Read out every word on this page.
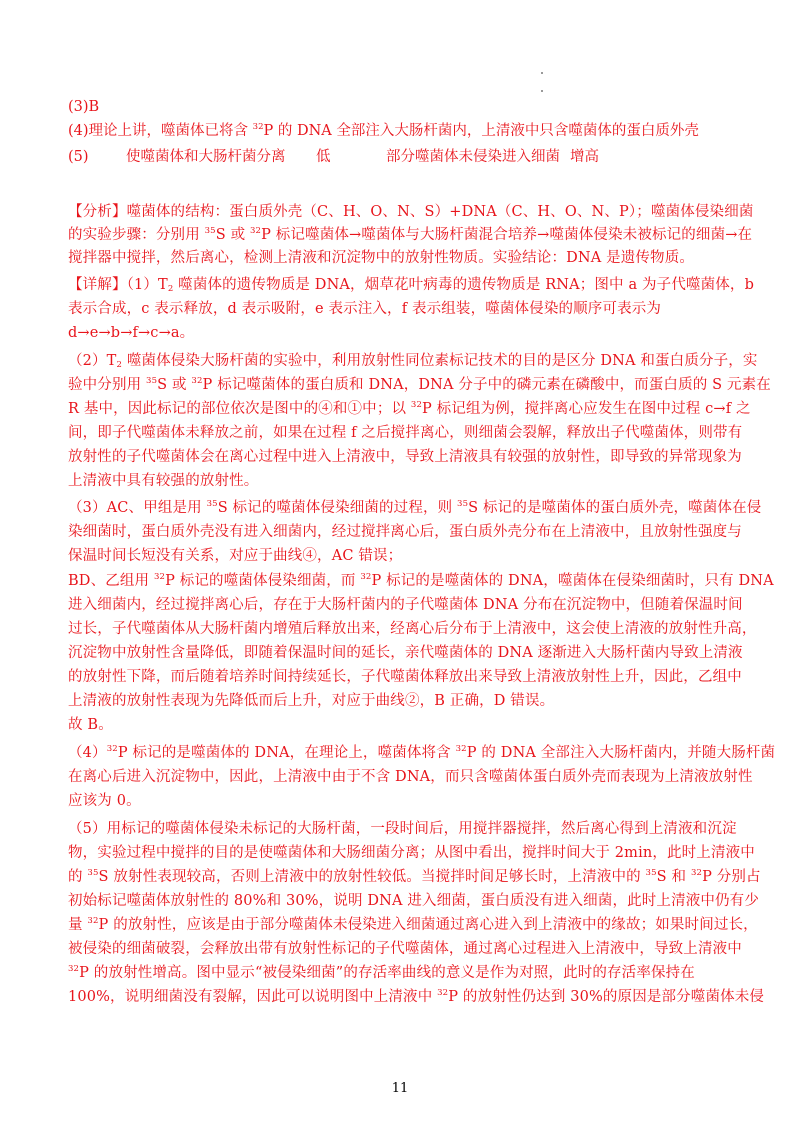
(3)B
(4)理论上讲，噬菌体已将含 $^{32}$P 的 DNA 全部注入大肠杆菌内，上清液中只含噬菌体的蛋白质外壳
(5)	使噬菌体和大肠杆菌分离 低	部分噬菌体未侵染进入细菌 增高
【分析】噬菌体的结构：蛋白质外壳（C、H、O、N、S）+DNA（C、H、O、N、P）；噬菌体侵染细菌
的实验步骤：分别用 $^{35}$S 或 $^{32}$P 标记噬菌体→噬菌体与大肠杆菌混合培养→噬菌体侵染未被标记的细菌→在
搅拌器中搅拌，然后离心，检测上清液和沉淀物中的放射性物质。实验结论：DNA 是遗传物质。
【详解】$(1)T_2$ 噬菌体的遗传物质是 DNA，烟草花叶病毒的遗传物质是 RNA；图中 a 为子代噬菌体，b
表示合成，c 表示释放，d 表示吸附，e 表示注入，f 表示组装，噬菌体侵染的顺序可表示为
d→e→b→f→c→a。
$(2)T_2$ 噬菌体侵染大肠杆菌的实验中，利用放射性同位素标记技术的目的是区分 DNA 和蛋白质分子，实
验中分别用 $^{35}$S 或 $^{32}$P 标记噬菌体的蛋白质和 DNA，DNA 分子中的磷元素在磷酸中，而蛋白质的 S 元素在
R 基中，因此标记的部位依次是图中的④和①中；以 $^{32}$P 标记组为例，搅拌离心应发生在图中过程 c→f 之
间，即子代噬菌体未释放之前，如果在过程 f 之后搅拌离心，则细菌会裂解，释放出子代噬菌体，则带有
放射性的子代噬菌体会在离心过程中进入上清液中，导致上清液具有较强的放射性，即导致的异常现象为
上清液中具有较强的放射性。
（3）AC、甲组是用 $^{35}$S 标记的噬菌体侵染细菌的过程，则 $^{35}$S 标记的是噬菌体的蛋白质外壳，噬菌体在侵
染细菌时，蛋白质外壳没有进入细菌内，经过搅拌离心后，蛋白质外壳分布在上清液中，且放射性强度与
保温时间长短没有关系，对应于曲线④，AC 错误；
BD、乙组用 $^{32}$P 标记的噬菌体侵染细菌，而 $^{32}$P 标记的是噬菌体的 DNA，噬菌体在侵染细菌时，只有 DNA
进入细菌内，经过搅拌离心后，存在于大肠杆菌内的子代噬菌体 DNA 分布在沉淀物中，但随着保温时间
过长，子代噬菌体从大肠杆菌内增殖后释放出来，经离心后分布于上清液中，这会使上清液的放射性升高，
沉淀物中放射性含量降低，即随着保温时间的延长，亲代噬菌体的 DNA 逐渐进入大肠杆菌内导致上清液
的放射性下降，而后随着培养时间持续延长，子代噬菌体释放出来导致上清液放射性上升，因此，乙组中
上清液的放射性表现为先降低而后上升，对应于曲线②，B 正确，D 错误。
故 B。
$(4)^{32}P$ 标记的是噬菌体的 DNA，在理论上，噬菌体将含 $^{32}$P 的 DNA 全部注入大肠杆菌内，并随大肠杆菌
在离心后进入沉淀物中，因此，上清液中由于不含 DNA，而只含噬菌体蛋白质外壳而表现为上清液放射性
应该为 0。
（5）用标记的噬菌体侵染未标记的大肠杆菌，一段时间后，用搅拌器搅拌，然后离心得到上清液和沉淀
物，实验过程中搅拌的目的是使噬菌体和大肠细菌分离；从图中看出，搅拌时间大于 2min，此时上清液中
的 $^{35}$S 放射性表现较高，否则上清液中的放射性较低。当搅拌时间足够长时，上清液中的 $^{35}$S 和 $^{32}$P 分别占
初始标记噬菌体放射性的 80%和 30%，说明 DNA 进入细菌，蛋白质没有进入细菌，此时上清液中仍有少
量 $^{32}$P 的放射性，应该是由于部分噬菌体未侵染进入细菌通过离心进入到上清液中的缘故；如果时间过长，
被侵染的细菌破裂，会释放出带有放射性标记的子代噬菌体，通过离心过程进入上清液中，导致上清液中
$^{32}$P 的放射性增高。图中显示“被侵染细菌”的存活率曲线的意义是作为对照，此时的存活率保持在
100%，说明细菌没有裂解，因此可以说明图中上清液中 $^{32}$P 的放射性仍达到 30%的原因是部分噬菌体未侵
11
